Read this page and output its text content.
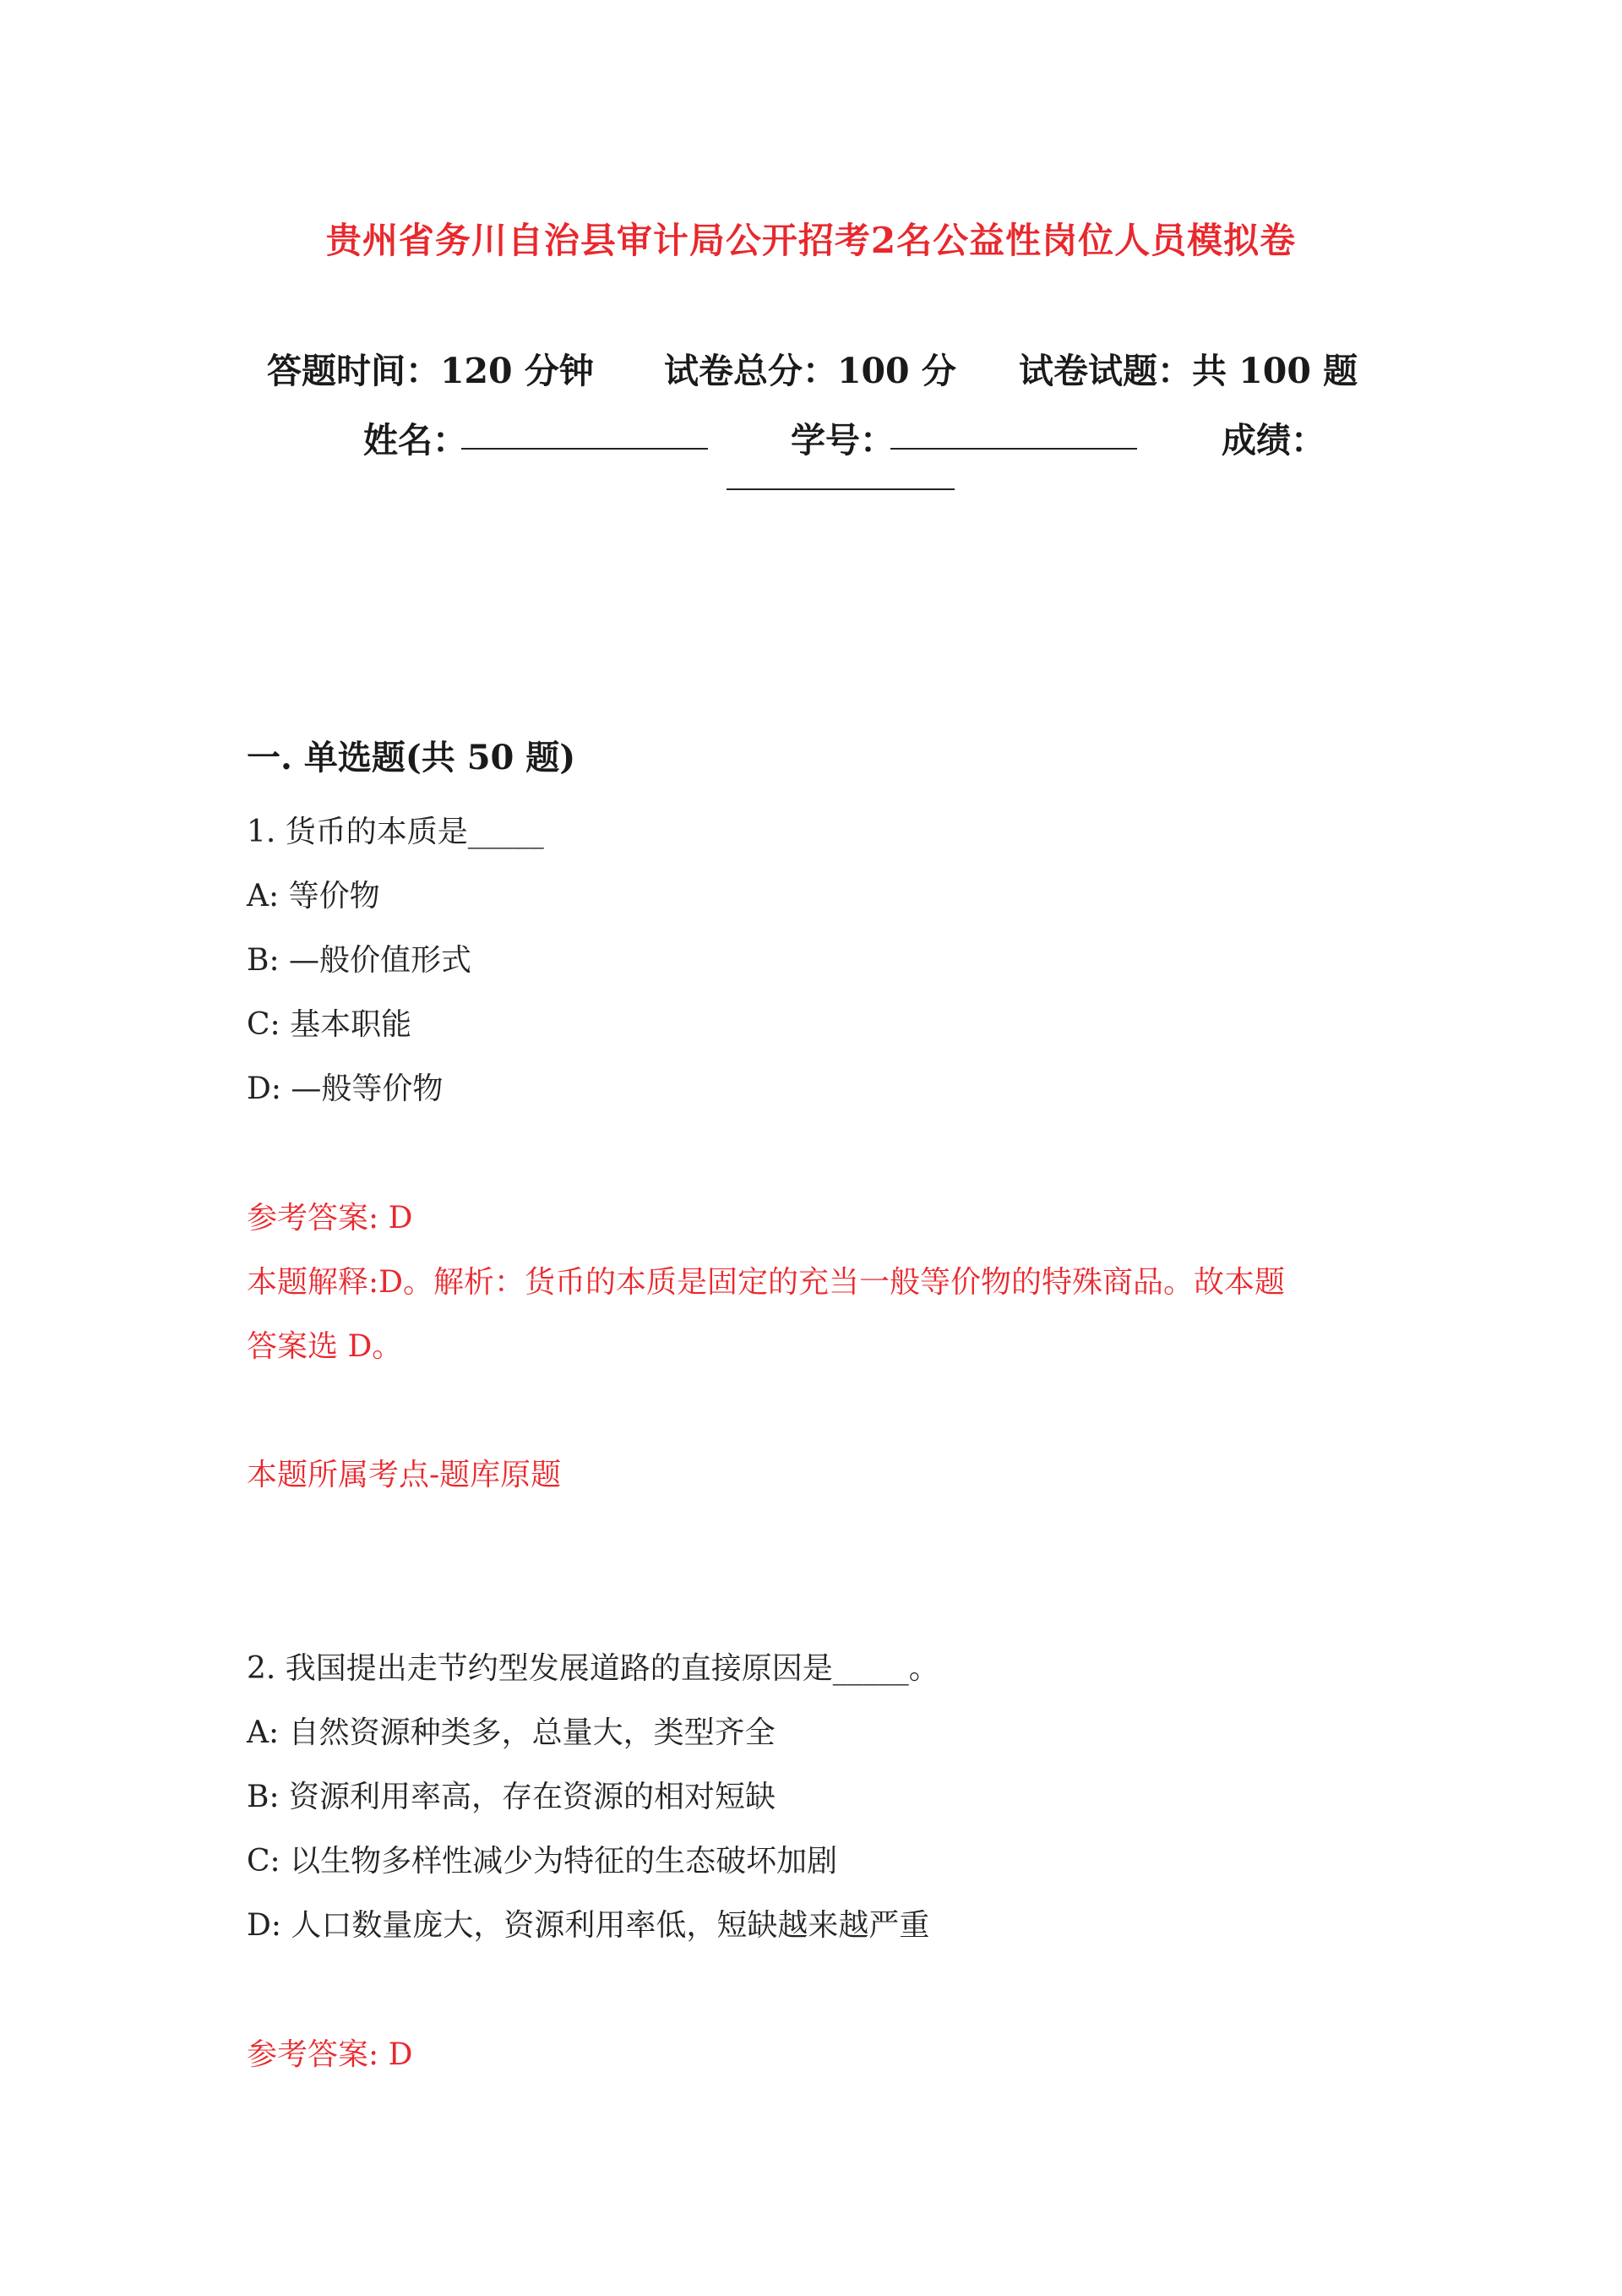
贵州省务川自治县审计局公开招考2名公益性岗位人员模拟卷
答题时间：120 分钟 试卷总分：100 分 试卷试题：共 100 题
姓名：	学号：	成绩：
一. 单选题(共 50 题)
1. 货币的本质是_____
A: 等价物
B: —般价值形式
C: 基本职能
D: —般等价物
参考答案: D
本题解释:D。解析：货币的本质是固定的充当一般等价物的特殊商品。故本题
答案选 D。
本题所属考点-题库原题
2. 我国提出走节约型发展道路的直接原因是_____。
A: 自然资源种类多，总量大，类型齐全
B: 资源利用率高，存在资源的相对短缺
C: 以生物多样性减少为特征的生态破坏加剧
D: 人口数量庞大，资源利用率低，短缺越来越严重
参考答案: D
